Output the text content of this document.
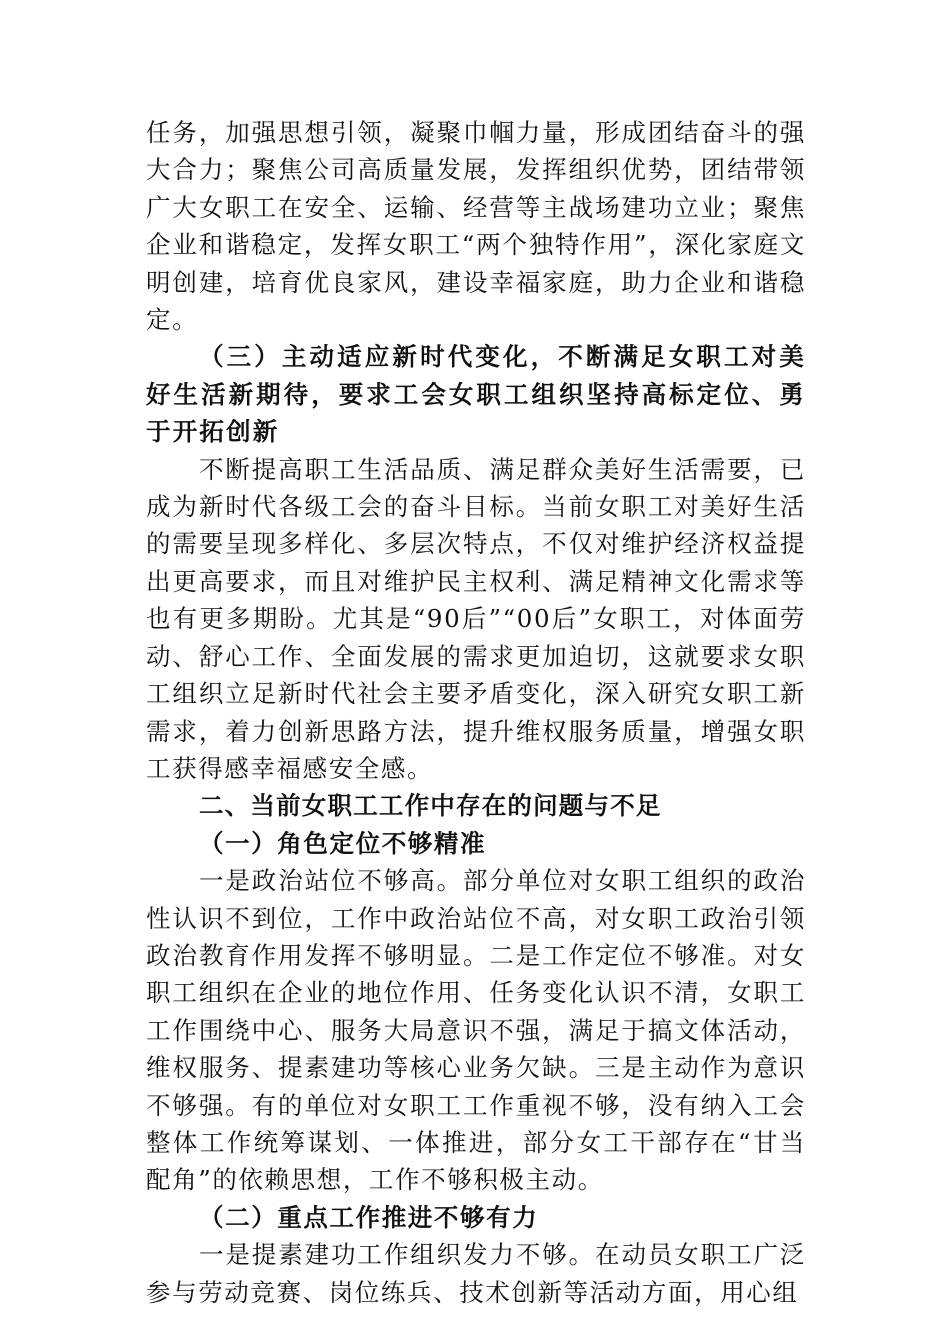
任务，加强思想引领，凝聚巾帼力量，形成团结奋斗的强大合力；聚焦公司高质量发展，发挥组织优势，团结带领广大女职工在安全、运输、经营等主战场建功立业；聚焦企业和谐稳定，发挥女职工“两个独特作用”，深化家庭文明创建，培育优良家风，建设幸福家庭，助力企业和谐稳定。

（三）主动适应新时代变化，不断满足女职工对美好生活新期待，要求工会女职工组织坚持高标定位、勇于开拓创新

不断提高职工生活品质、满足群众美好生活需要，已成为新时代各级工会的奋斗目标。当前女职工对美好生活的需要呈现多样化、多层次特点，不仅对维护经济权益提出更高要求，而且对维护民主权利、满足精神文化需求等也有更多期盼。尤其是“90后”“00后”女职工，对体面劳动、舒心工作、全面发展的需求更加迫切，这就要求女职工组织立足新时代社会主要矛盾变化，深入研究女职工新需求，着力创新思路方法，提升维权服务质量，增强女职工获得感幸福感安全感。

二、当前女职工工作中存在的问题与不足

（一）角色定位不够精准

一是政治站位不够高。部分单位对女职工组织的政治性认识不到位，工作中政治站位不高，对女职工政治引领政治教育作用发挥不够明显。二是工作定位不够准。对女职工组织在企业的地位作用、任务变化认识不清，女职工工作围绕中心、服务大局意识不强，满足于搞文体活动，维权服务、提素建功等核心业务欠缺。三是主动作为意识不够强。有的单位对女职工工作重视不够，没有纳入工会整体工作统筹谋划、一体推进，部分女工干部存在“甘当配角”的依赖思想，工作不够积极主动。

（二）重点工作推进不够有力

一是提素建功工作组织发力不够。在动员女职工广泛参与劳动竞赛、岗位练兵、技术创新等活动方面，用心组
